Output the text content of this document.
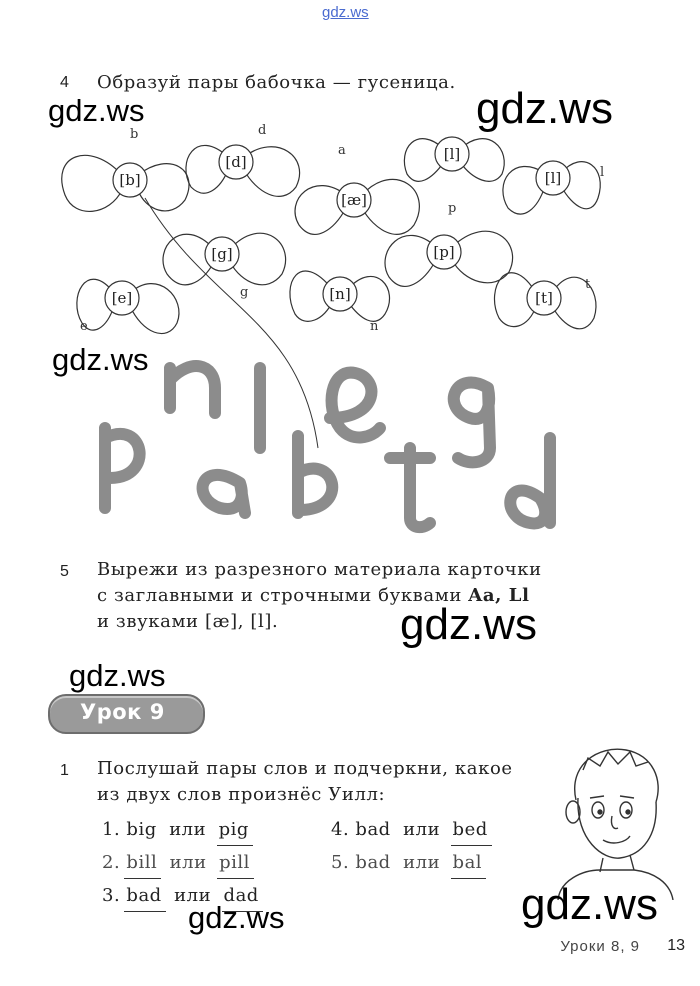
gdz.ws
4 Образуй пары бабочка — гусеница.
[b]
[d]
[æ]
[l]
[l]
[g]	[p]
[e]	[n]	[t]
b	d
a
l
g
p
e	n
t
gdz.ws	gdz.ws
gdz.ws
5 Вырежи из разрезного материала карточки
с заглавными и строчными буквами Aa, Ll
и звуками [æ], [l].	gdz.ws
gdz.ws
Урок 9
1 Послушай пары слов и подчеркни, какое
из двух слов произнёс Уилл:
1. big или pig
2. bill или pill
3. bad или dad
4. bad или bed
5. bad или bal
gdz.ws
gdz.ws
Уроки 8, 9 13
